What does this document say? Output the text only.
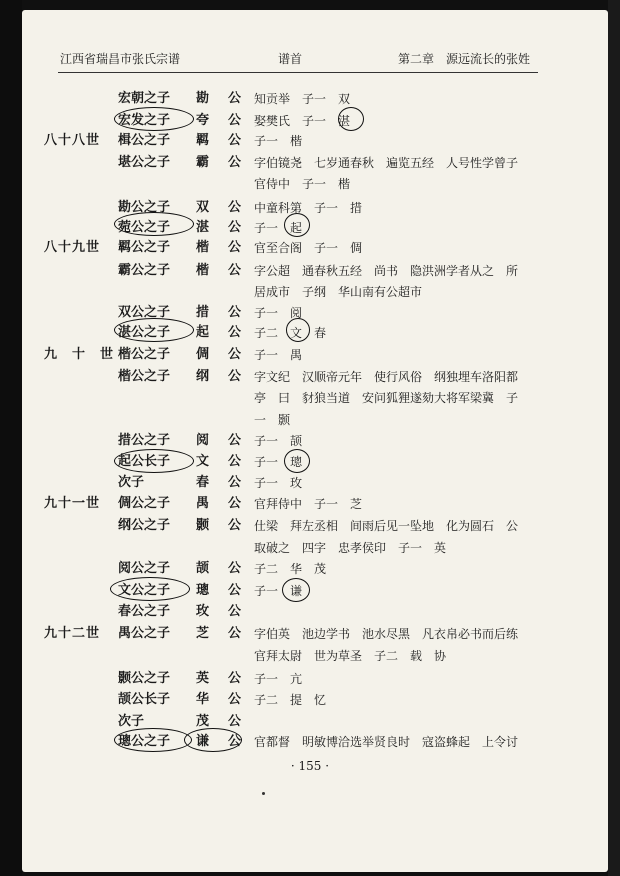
江西省瑞昌市张氏宗谱	谱首	第二章　源远流长的张姓
宏朝之子 勘	公 知贡举　子一　双
宏发之子 夸	公 娶樊氏　子一　湛
八十八世 楫公之子 羁	公 子一　楷
堪公之子 霸	公 字伯镜尧　七岁通春秋　遍览五经　人号性学曾子
官侍中　子一　楷
勘公之子 双	公 中童科第　子一　措
菀公之子 湛	公 子一　起
八十九世 羁公之子 楷	公 官至合阁　子一　倜
霸公之子 楷	公 字公超　通春秋五经　尚书　隐洪洲学者从之　所
居成市　子纲　华山南有公超市
双公之子 措	公 子一　阅
湛公之子 起	公 子二　文　春
九　十　世 楷公之子 倜	公 子一　禺
楷公之子 纲	公 字文纪　汉顺帝元年　使行风俗　纲独埋车洛阳都
亭　曰　豺狼当道　安问狐狸遂劾大将军梁冀　子
一　颢
措公之子 阅	公 子一　颉
起公长子 文	公 子一　璁
次子	春	公 子一　玫
九十一世 倜公之子 禺	公 官拜侍中　子一　芝
纲公之子 颢	公 仕梁　拜左丞相　间雨后见一坠地　化为圆石　公
取破之　四字　忠孝侯印　子一　英
阅公之子 颉	公 子二　华　茂
文公之子 璁	公 子一　谦
春公之子 玫	公
九十二世 禺公之子 芝	公 字伯英　池边学书　池水尽黑　凡衣帛必书而后练
官拜太尉　世为草圣　子二　载　协
颢公之子 英	公 子一　亢
颉公长子 华	公 子二　提　忆
次子	茂	公
璁公之子 谦	公 官都督　明敏博洽选举贤良时　寇盗蜂起　上令讨
· 155 ·
